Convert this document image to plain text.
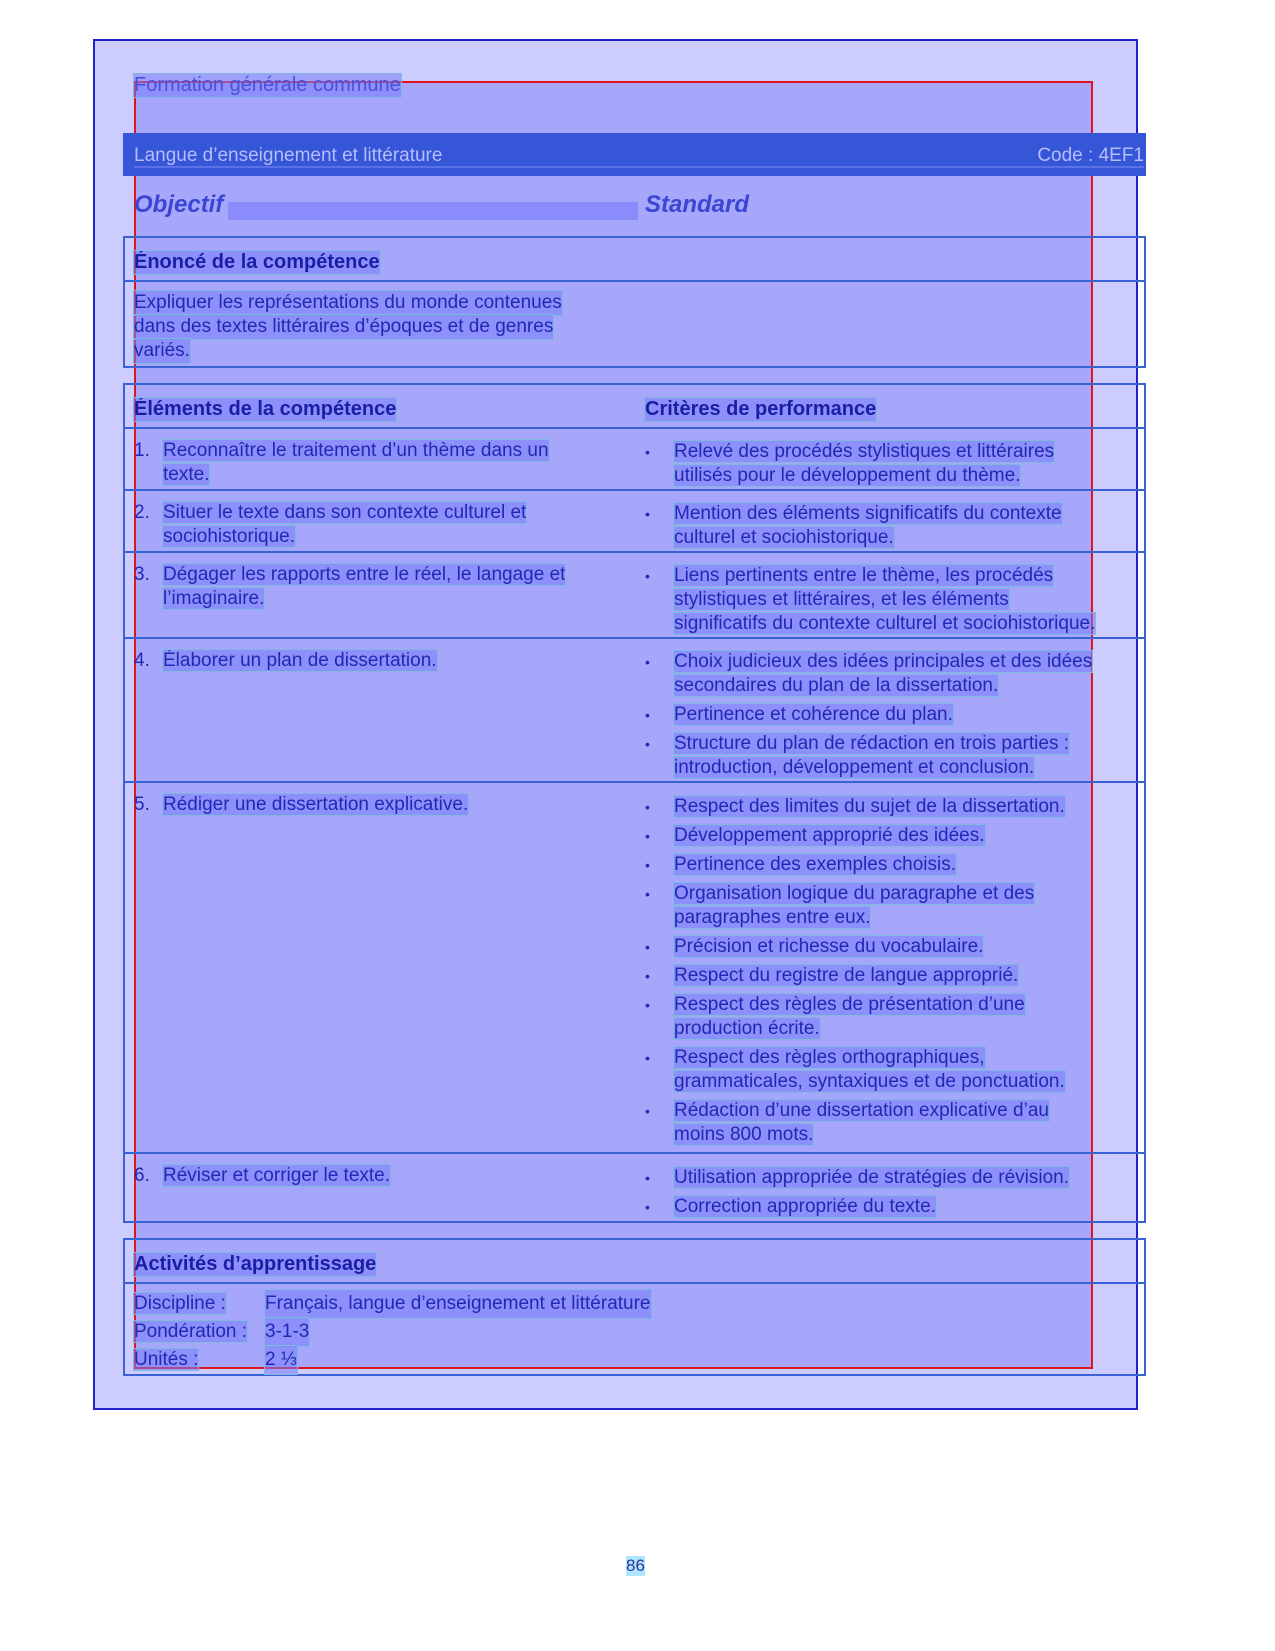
Formation générale commune
Langue d’enseignement et littérature	Code : 4EF1
Objectif	Standard
Énoncé de la compétence
Expliquer les représentations du monde contenues
dans des textes littéraires d’époques et de genres
variés.
Éléments de la compétence	Critères de performance
1. Reconnaître le traitement d’un thème dans un
texte.
•	Relevé des procédés stylistiques et littéraires
utilisés pour le développement du thème.
2. Situer le texte dans son contexte culturel et
sociohistorique.
•	Mention des éléments significatifs du contexte
culturel et sociohistorique.
3. Dégager les rapports entre le réel, le langage et
l’imaginaire.
•	Liens pertinents entre le thème, les procédés
stylistiques et littéraires, et les éléments
significatifs du contexte culturel et sociohistorique.
4. Élaborer un plan de dissertation.	•	Choix judicieux des idées principales et des idées
secondaires du plan de la dissertation.
•	Pertinence et cohérence du plan.
•	Structure du plan de rédaction en trois parties :
introduction, développement et conclusion.
5. Rédiger une dissertation explicative.	•	Respect des limites du sujet de la dissertation.
•	Développement approprié des idées.
•	Pertinence des exemples choisis.
•	Organisation logique du paragraphe et des
paragraphes entre eux.
•	Précision et richesse du vocabulaire.
•	Respect du registre de langue approprié.
•	Respect des règles de présentation d’une
production écrite.
•	Respect des règles orthographiques,
grammaticales, syntaxiques et de ponctuation.
•	Rédaction d’une dissertation explicative d’au
moins 800 mots.
6. Réviser et corriger le texte.	•	Utilisation appropriée de stratégies de révision.
•	Correction appropriée du texte.
Activités d’apprentissage
Discipline :	Français, langue d’enseignement et littérature
Pondération : 3-1-3
Unités :	2 ⅓
86
